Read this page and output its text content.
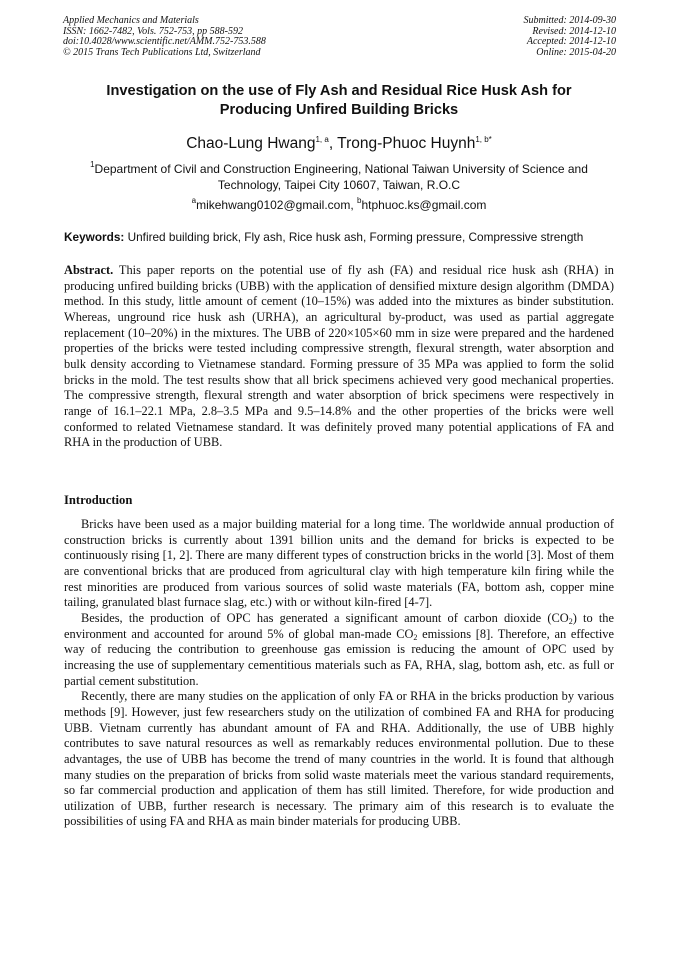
Applied Mechanics and Materials
ISSN: 1662-7482, Vols. 752-753, pp 588-592
doi:10.4028/www.scientific.net/AMM.752-753.588
© 2015 Trans Tech Publications Ltd, Switzerland
Submitted: 2014-09-30
Revised: 2014-12-10
Accepted: 2014-12-10
Online: 2015-04-20
Investigation on the use of Fly Ash and Residual Rice Husk Ash for
Producing Unfired Building Bricks
Chao-Lung Hwang$^{1, a}$, Trong-Phuoc Huynh$^{1, b*}$
$^1$Department of Civil and Construction Engineering, National Taiwan University of Science and
Technology, Taipei City 10607, Taiwan, R.O.C
$^a$mikehwang0102@gmail.com, $^b$htphuoc.ks@gmail.com
Keywords: Unfired building brick, Fly ash, Rice husk ash, Forming pressure, Compressive strength
Abstract. This paper reports on the potential use of fly ash (FA) and residual rice husk ash (RHA) in producing unfired building bricks (UBB) with the application of densified mixture design algorithm (DMDA) method. In this study, little amount of cement (10–15%) was added into the mixtures as binder substitution. Whereas, unground rice husk ash (URHA), an agricultural by-product, was used as partial aggregate replacement (10–20%) in the mixtures. The UBB of 220×105×60 mm in size were prepared and the hardened properties of the bricks were tested including compressive strength, flexural strength, water absorption and bulk density according to Vietnamese standard. Forming pressure of 35 MPa was applied to form the solid bricks in the mold. The test results show that all brick specimens achieved very good mechanical properties. The compressive strength, flexural strength and water absorption of brick specimens were respectively in range of 16.1–22.1 MPa, 2.8–3.5 MPa and 9.5–14.8% and the other properties of the bricks were well conformed to related Vietnamese standard. It was definitely proved many potential applications of FA and RHA in the production of UBB.
Introduction

Bricks have been used as a major building material for a long time. The worldwide annual production of construction bricks is currently about 1391 billion units and the demand for bricks is expected to be continuously rising [1, 2]. There are many different types of construction bricks in the world [3]. Most of them are conventional bricks that are produced from agricultural clay with high temperature kiln firing while the rest minorities are produced from various sources of solid waste materials (FA, bottom ash, copper mine tailing, granulated blast furnace slag, etc.) with or without kiln-fired [4-7].

Besides, the production of OPC has generated a significant amount of carbon dioxide $(CO_2)$ to the environment and accounted for around 5% of global man-made $CO_2$ emissions [8]. Therefore, an effective way of reducing the contribution to greenhouse gas emission is reducing the amount of OPC used by increasing the use of supplementary cementitious materials such as FA, RHA, slag, bottom ash, etc. as full or partial cement substitution.

Recently, there are many studies on the application of only FA or RHA in the bricks production by various methods [9]. However, just few researchers study on the utilization of combined FA and RHA for producing UBB. Vietnam currently has abundant amount of FA and RHA. Additionally, the use of UBB highly contributes to save natural resources as well as remarkably reduces environmental pollution. Due to these advantages, the use of UBB has become the trend of many countries in the world. It is found that although many studies on the preparation of bricks from solid waste materials meet the various standard requirements, so far commercial production and application of them has still limited. Therefore, for wide production and utilization of UBB, further research is necessary. The primary aim of this research is to evaluate the possibilities of using FA and RHA as main binder materials for producing UBB.
